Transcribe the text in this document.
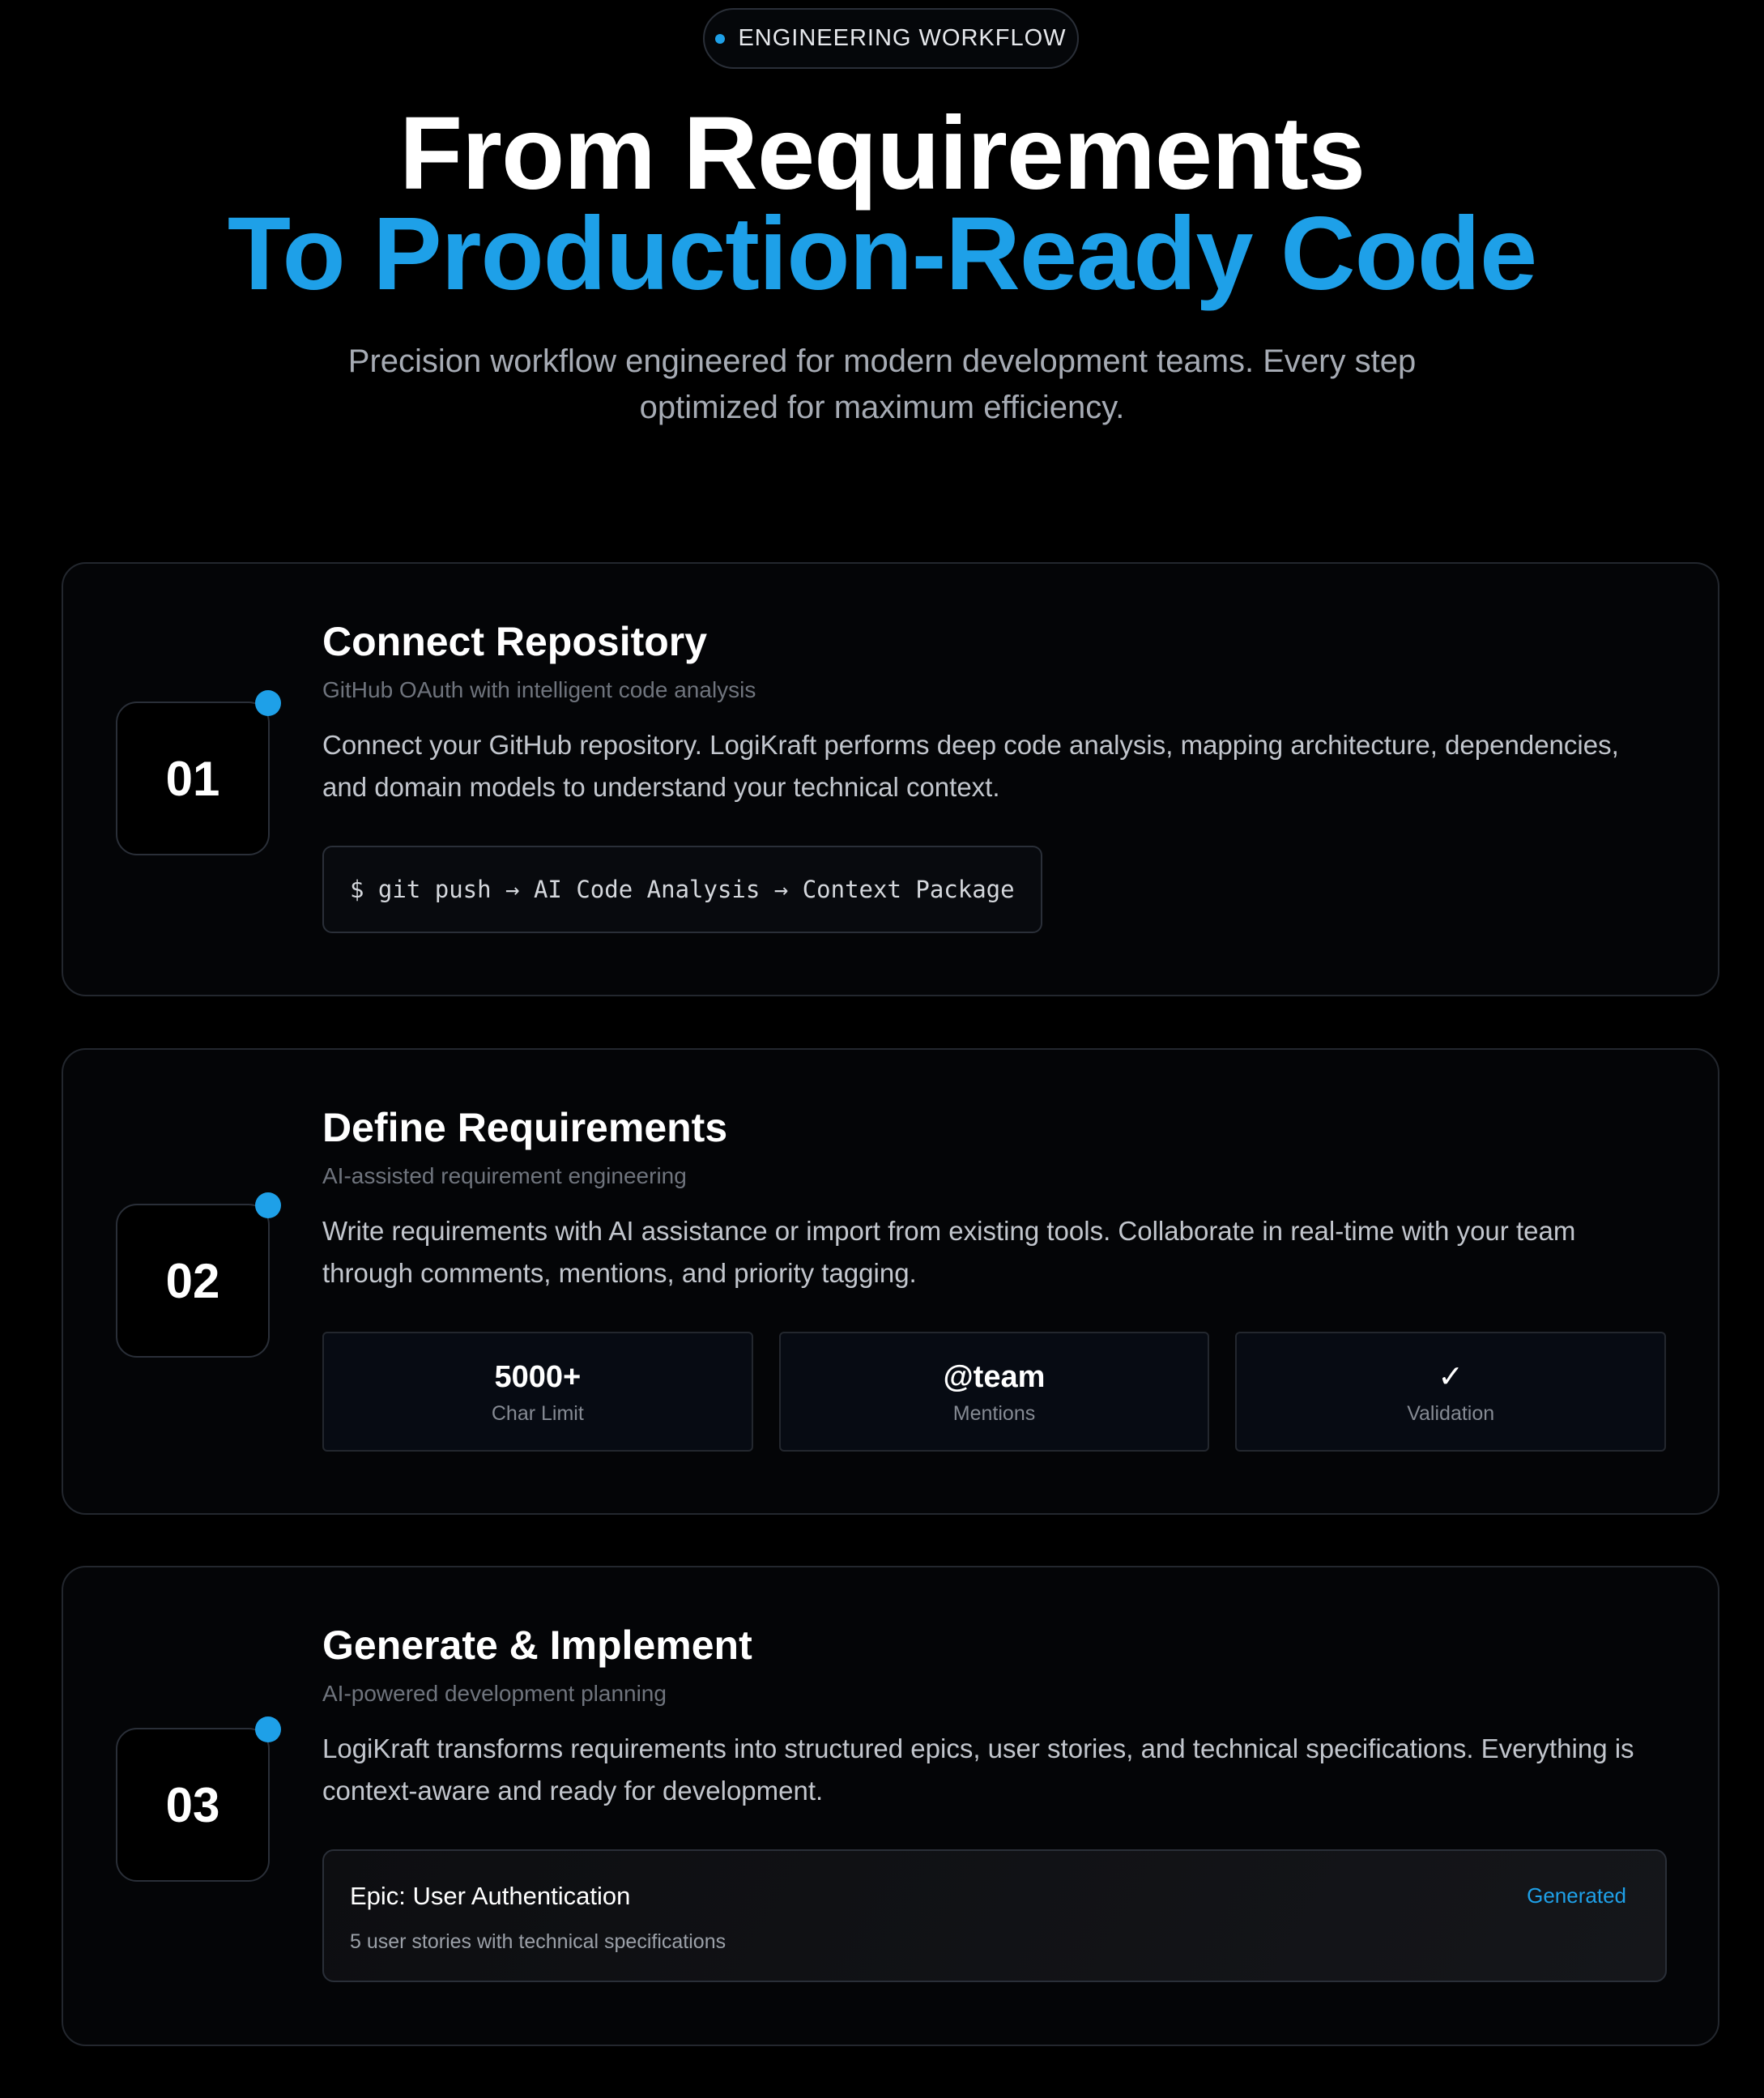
ENGINEERING WORKFLOW
From Requirements
To Production-Ready Code

Precision workflow engineered for modern development teams. Every step optimized for maximum efficiency.

01
Connect Repository

GitHub OAuth with intelligent code analysis

Connect your GitHub repository. LogiKraft performs deep code analysis, mapping architecture, dependencies, and domain models to understand your technical context.

$ git push → AI Code Analysis → Context Package
02
Define Requirements

AI-assisted requirement engineering

Write requirements with AI assistance or import from existing tools. Collaborate in real-time with your team through comments, mentions, and priority tagging.

5000+
Char Limit
@team
Mentions
✓
Validation
03
Generate & Implement

AI-powered development planning

LogiKraft transforms requirements into structured epics, user stories, and technical specifications. Everything is context-aware and ready for development.

Epic: User Authentication
5 user stories with technical specifications
Generated
